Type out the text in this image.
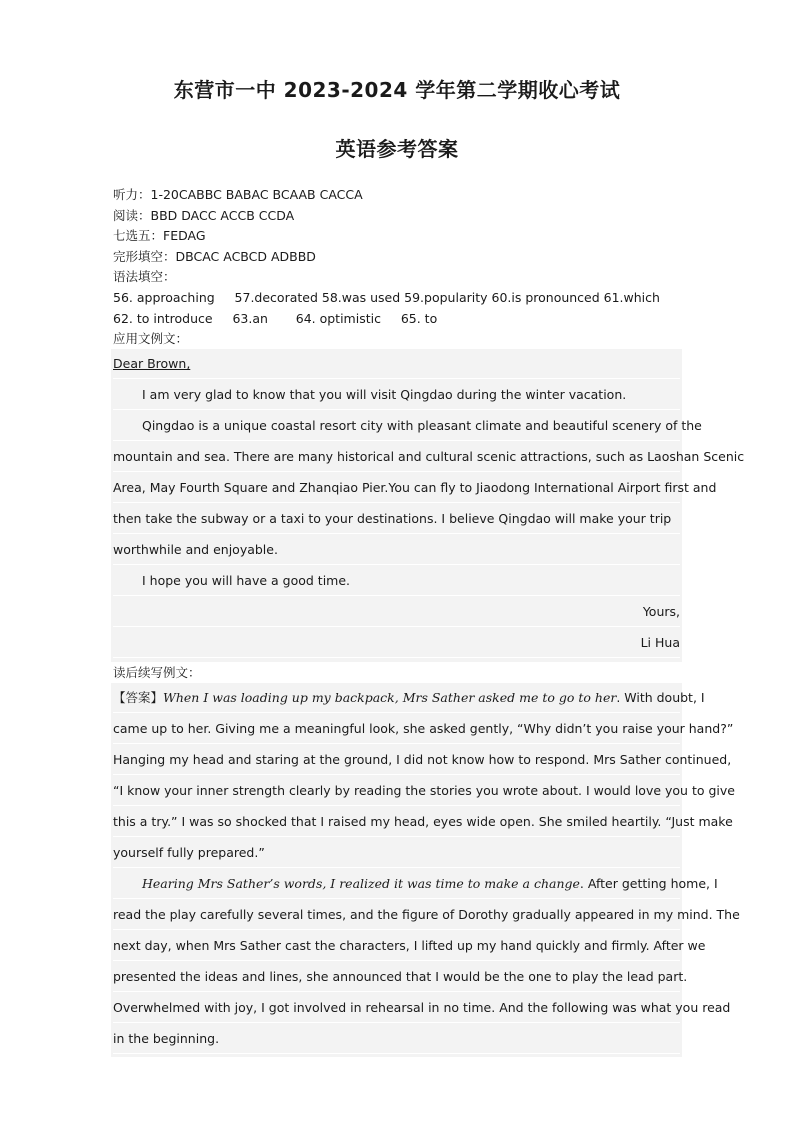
东营市一中 2023-2024 学年第二学期收心考试
英语参考答案
听力：1-20CABBC BABAC BCAAB CACCA
阅读：BBD DACC ACCB CCDA
七选五：FEDAG
完形填空：DBCAC ACBCD ADBBD
语法填空：
56. approaching     57.decorated 58.was used 59.popularity 60.is pronounced 61.which
62. to introduce     63.an       64. optimistic     65. to
应用文例文：
Dear Brown,
I am very glad to know that you will visit Qingdao during the winter vacation.
Qingdao is a unique coastal resort city with pleasant climate and beautiful scenery of the
mountain and sea. There are many historical and cultural scenic attractions, such as Laoshan Scenic
Area, May Fourth Square and Zhanqiao Pier.You can fly to Jiaodong International Airport first and
then take the subway or a taxi to your destinations. I believe Qingdao will make your trip
worthwhile and enjoyable.
I hope you will have a good time.
Yours,
Li Hua
读后续写例文：
【答案】When I was loading up my backpack, Mrs Sather asked me to go to her. With doubt, I
came up to her. Giving me a meaningful look, she asked gently, “Why didn’t you raise your hand?”
Hanging my head and staring at the ground, I did not know how to respond. Mrs Sather continued,
“I know your inner strength clearly by reading the stories you wrote about. I would love you to give
this a try.” I was so shocked that I raised my head, eyes wide open. She smiled heartily. “Just make
yourself fully prepared.”
Hearing Mrs Sather’s words, I realized it was time to make a change. After getting home, I
read the play carefully several times, and the figure of Dorothy gradually appeared in my mind. The
next day, when Mrs Sather cast the characters, I lifted up my hand quickly and firmly. After we
presented the ideas and lines, she announced that I would be the one to play the lead part.
Overwhelmed with joy, I got involved in rehearsal in no time. And the following was what you read
in the beginning.
